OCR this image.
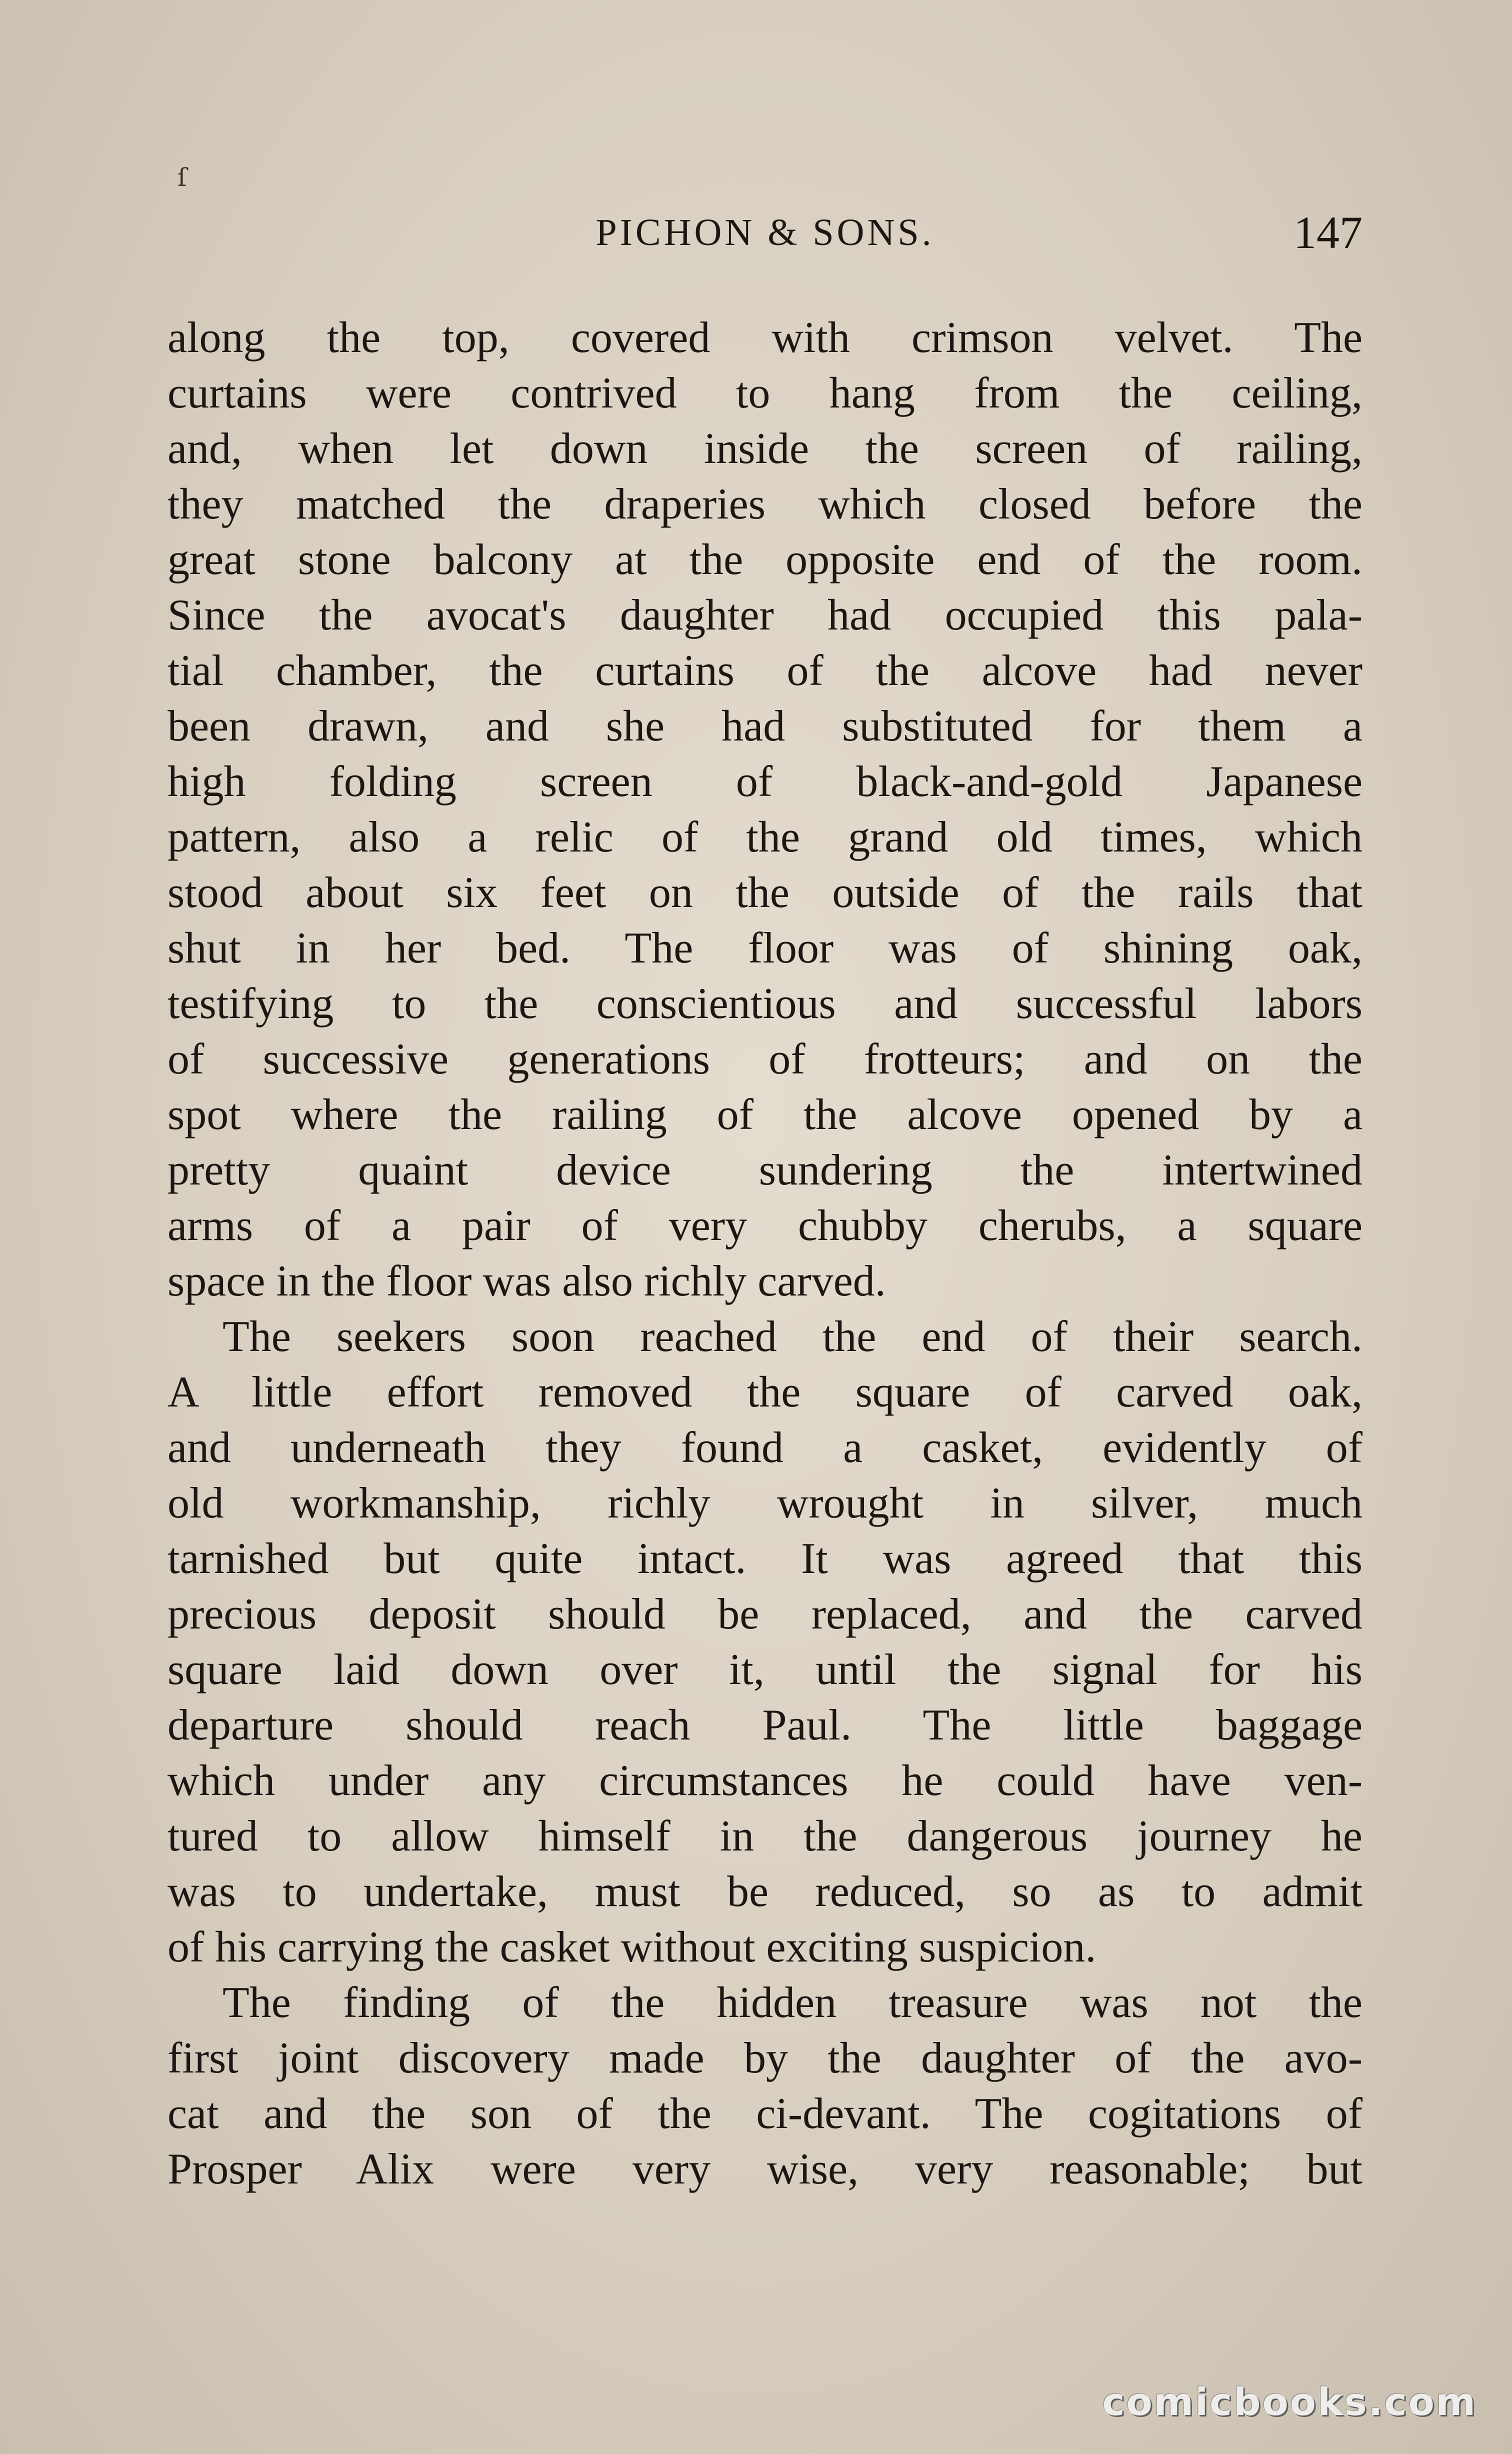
ſ
PICHON & SONS.	147
along the top, covered with crimson velvet. The
curtains were contrived to hang from the ceiling,
and, when let down inside the screen of railing,
they matched the draperies which closed before the
great stone balcony at the opposite end of the room.
Since the avocat's daughter had occupied this pala-
tial chamber, the curtains of the alcove had never
been drawn, and she had substituted for them a
high folding screen of black-and-gold Japanese
pattern, also a relic of the grand old times, which
stood about six feet on the outside of the rails that
shut in her bed. The floor was of shining oak,
testifying to the conscientious and successful labors
of successive generations of frotteurs; and on the
spot where the railing of the alcove opened by a
pretty quaint device sundering the intertwined
arms of a pair of very chubby cherubs, a square
space in the floor was also richly carved.
The seekers soon reached the end of their search.
A little effort removed the square of carved oak,
and underneath they found a casket, evidently of
old workmanship, richly wrought in silver, much
tarnished but quite intact. It was agreed that this
precious deposit should be replaced, and the carved
square laid down over it, until the signal for his
departure should reach Paul. The little baggage
which under any circumstances he could have ven-
tured to allow himself in the dangerous journey he
was to undertake, must be reduced, so as to admit
of his carrying the casket without exciting suspicion.
The finding of the hidden treasure was not the
first joint discovery made by the daughter of the avo-
cat and the son of the ci-devant. The cogitations of
Prosper Alix were very wise, very reasonable; but
comicbooks.com
